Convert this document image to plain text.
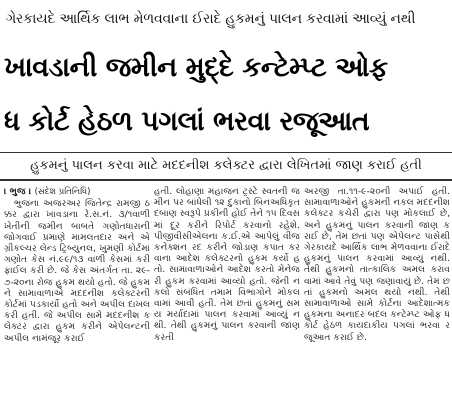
ગેરકાયદે આર્થિક લાભ મેળવવાના ઈરાદે હુકમનું પાલન કરવામાં આવ્યું નથી
ખાવડાની જમીન મુદ્દે કન્ટેમ્પ્ટ ઓફ
ધ કોર્ટ હેઠળ પગલાં ભરવા રજૂઆત
હુકમનું પાલન કરવા માટે મદદનીશ કલેક્ટર દ્વારા લેખિતમાં જાણ કરાઈ હતી

। ભુજ । (સંદેશ પ્રતિનિધિ)

ભુજના અજરઅર જિતેન્દ્ર રામજી ઠક્કર દ્વારા ખાવડાના રે.સ.નં. ૩/૧વાળી ખેતીની જમીન બાબતે ગણોતધારાની જોગવાઈ પ્રમાણે મામલતદાર અને એગ્રીકલ્ચર લેન્ડ ટ્રિબ્યુનલ, ખુમણી કોર્ટમાં ગણોત કેસ નં.૯૯/૧૩ વાળી કેસમાં કરી ફાઈલ કરી છે. જે કેસ અંતર્ગત તા. ૨૯-૭-૨૦ના રોજ હુકમ થયો હતો. જે હુકમને સામાવાળાએ મદદનીશ કલેક્ટરની કોર્ટમાં પડકાર્યો હતો અને અપીલ દાખલ કરી હતી. જે અપીલ સામે મદદનીશ કલેક્ટર દ્વારા હુકમ કરીને એપેલન્ટની અપીલ નામંજૂર કરાઈ

હતી. લોહાણા મહાજન ટ્રસ્ટે સ્વતની જમીન પર બાંધેલી ૧૨ દુકાનો બિનઅધિકૃત દબાણ સ્વરૂપે પ્રકીની હોઈ તેને ૧૫ દિવસમાં દૂર કરીને રિપોર્ટ કરવાનો રહેશે. પીજીવીસીએલના ક.ઈ.એ આપેલું વીજ કનેક્શન રદ કરીને જોડાણ કપાત કરવાના આદેશ કલેક્ટરનો હુકમ કર્યો હતો. સામાવાળાઓને આદેશ કરતો મેનેજરી હુકમ કરવામાં આવ્યો હતો. જેની નકલો સંબંધિત તમામ વિભાગોને મોકલવામાં આવી હતી. તેમ છતાં હુકમનું સમય મર્યાદામાં પાલન કરવામાં આવ્યું નથી. તેથી હુકમનું પાલન કરવાની જાણ કરતી

અરજી તા.૧૧-૯-૨૦ની અપાઈ હતી. સામાવાળાઓને હુકમની નકલ મદદનીશ કલેક્ટર કચેરી દ્વારા પણ મોકલાઈ છે, અને હુકમનું પાલન કરવાની જાણ કરાઈ છે, તેમ છતાં પણ એપેલન્ટ પાસેથી ગેરકાયદે આર્થિક લાભ મેળવવાના ઈરાદે હુકમનું પાલન કરવામાં આવ્યું નથી. તેથી હુકમનો તાત્કાલિક અમલ કરાવવામાં આવે તેવું પણ જણાવાયું છે. તેમ છતાં હુકમનો અમલ થયો નથી. તેથી સામાવાળાઓ સામે કોર્ટના આદેશાત્મક હુકમના અનાદર બદલ કન્ટેમ્પ્ટ ઓફ ધ કોર્ટ હેઠળ કાયદાકીય પગલાં ભરવા રજૂઆત કરાઈ છે.
